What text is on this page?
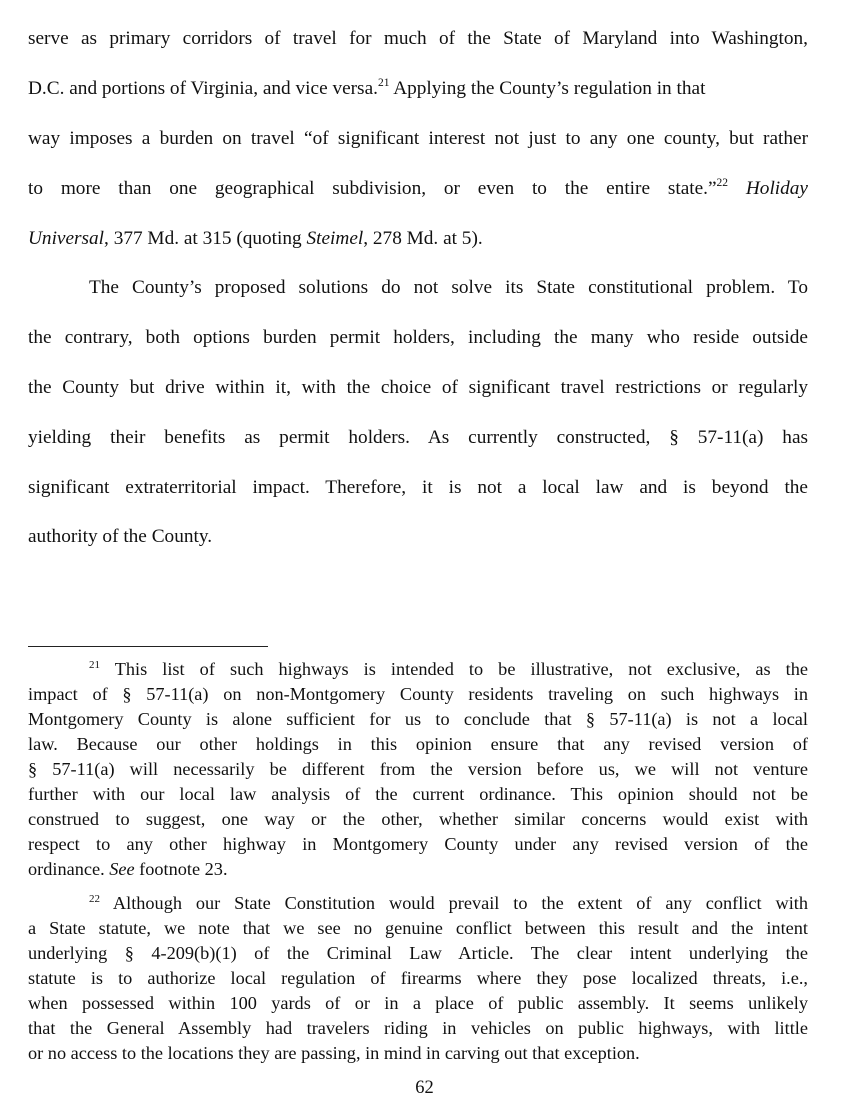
serve as primary corridors of travel for much of the State of Maryland into Washington,
D.C. and portions of Virginia, and vice versa.$^{21}$ Applying the County’s regulation in that
way imposes a burden on travel “of significant interest not just to any one county, but rather
to more than one geographical subdivision, or even to the entire state.”$^{22}$ Holiday
Universal, 377 Md. at 315 (quoting Steimel, 278 Md. at 5).
The County’s proposed solutions do not solve its State constitutional problem. To
the contrary, both options burden permit holders, including the many who reside outside
the County but drive within it, with the choice of significant travel restrictions or regularly
yielding their benefits as permit holders. As currently constructed, § 57-11(a) has
significant extraterritorial impact. Therefore, it is not a local law and is beyond the
authority of the County.
$^{21}$ This list of such highways is intended to be illustrative, not exclusive, as the
impact of § 57-11(a) on non-Montgomery County residents traveling on such highways in
Montgomery County is alone sufficient for us to conclude that § 57-11(a) is not a local
law. Because our other holdings in this opinion ensure that any revised version of
§ 57-11(a) will necessarily be different from the version before us, we will not venture
further with our local law analysis of the current ordinance. This opinion should not be
construed to suggest, one way or the other, whether similar concerns would exist with
respect to any other highway in Montgomery County under any revised version of the
ordinance. See footnote 23.
$^{22}$ Although our State Constitution would prevail to the extent of any conflict with
a State statute, we note that we see no genuine conflict between this result and the intent
underlying § 4-209(b)(1) of the Criminal Law Article. The clear intent underlying the
statute is to authorize local regulation of firearms where they pose localized threats, i.e.,
when possessed within 100 yards of or in a place of public assembly. It seems unlikely
that the General Assembly had travelers riding in vehicles on public highways, with little
or no access to the locations they are passing, in mind in carving out that exception.
62
